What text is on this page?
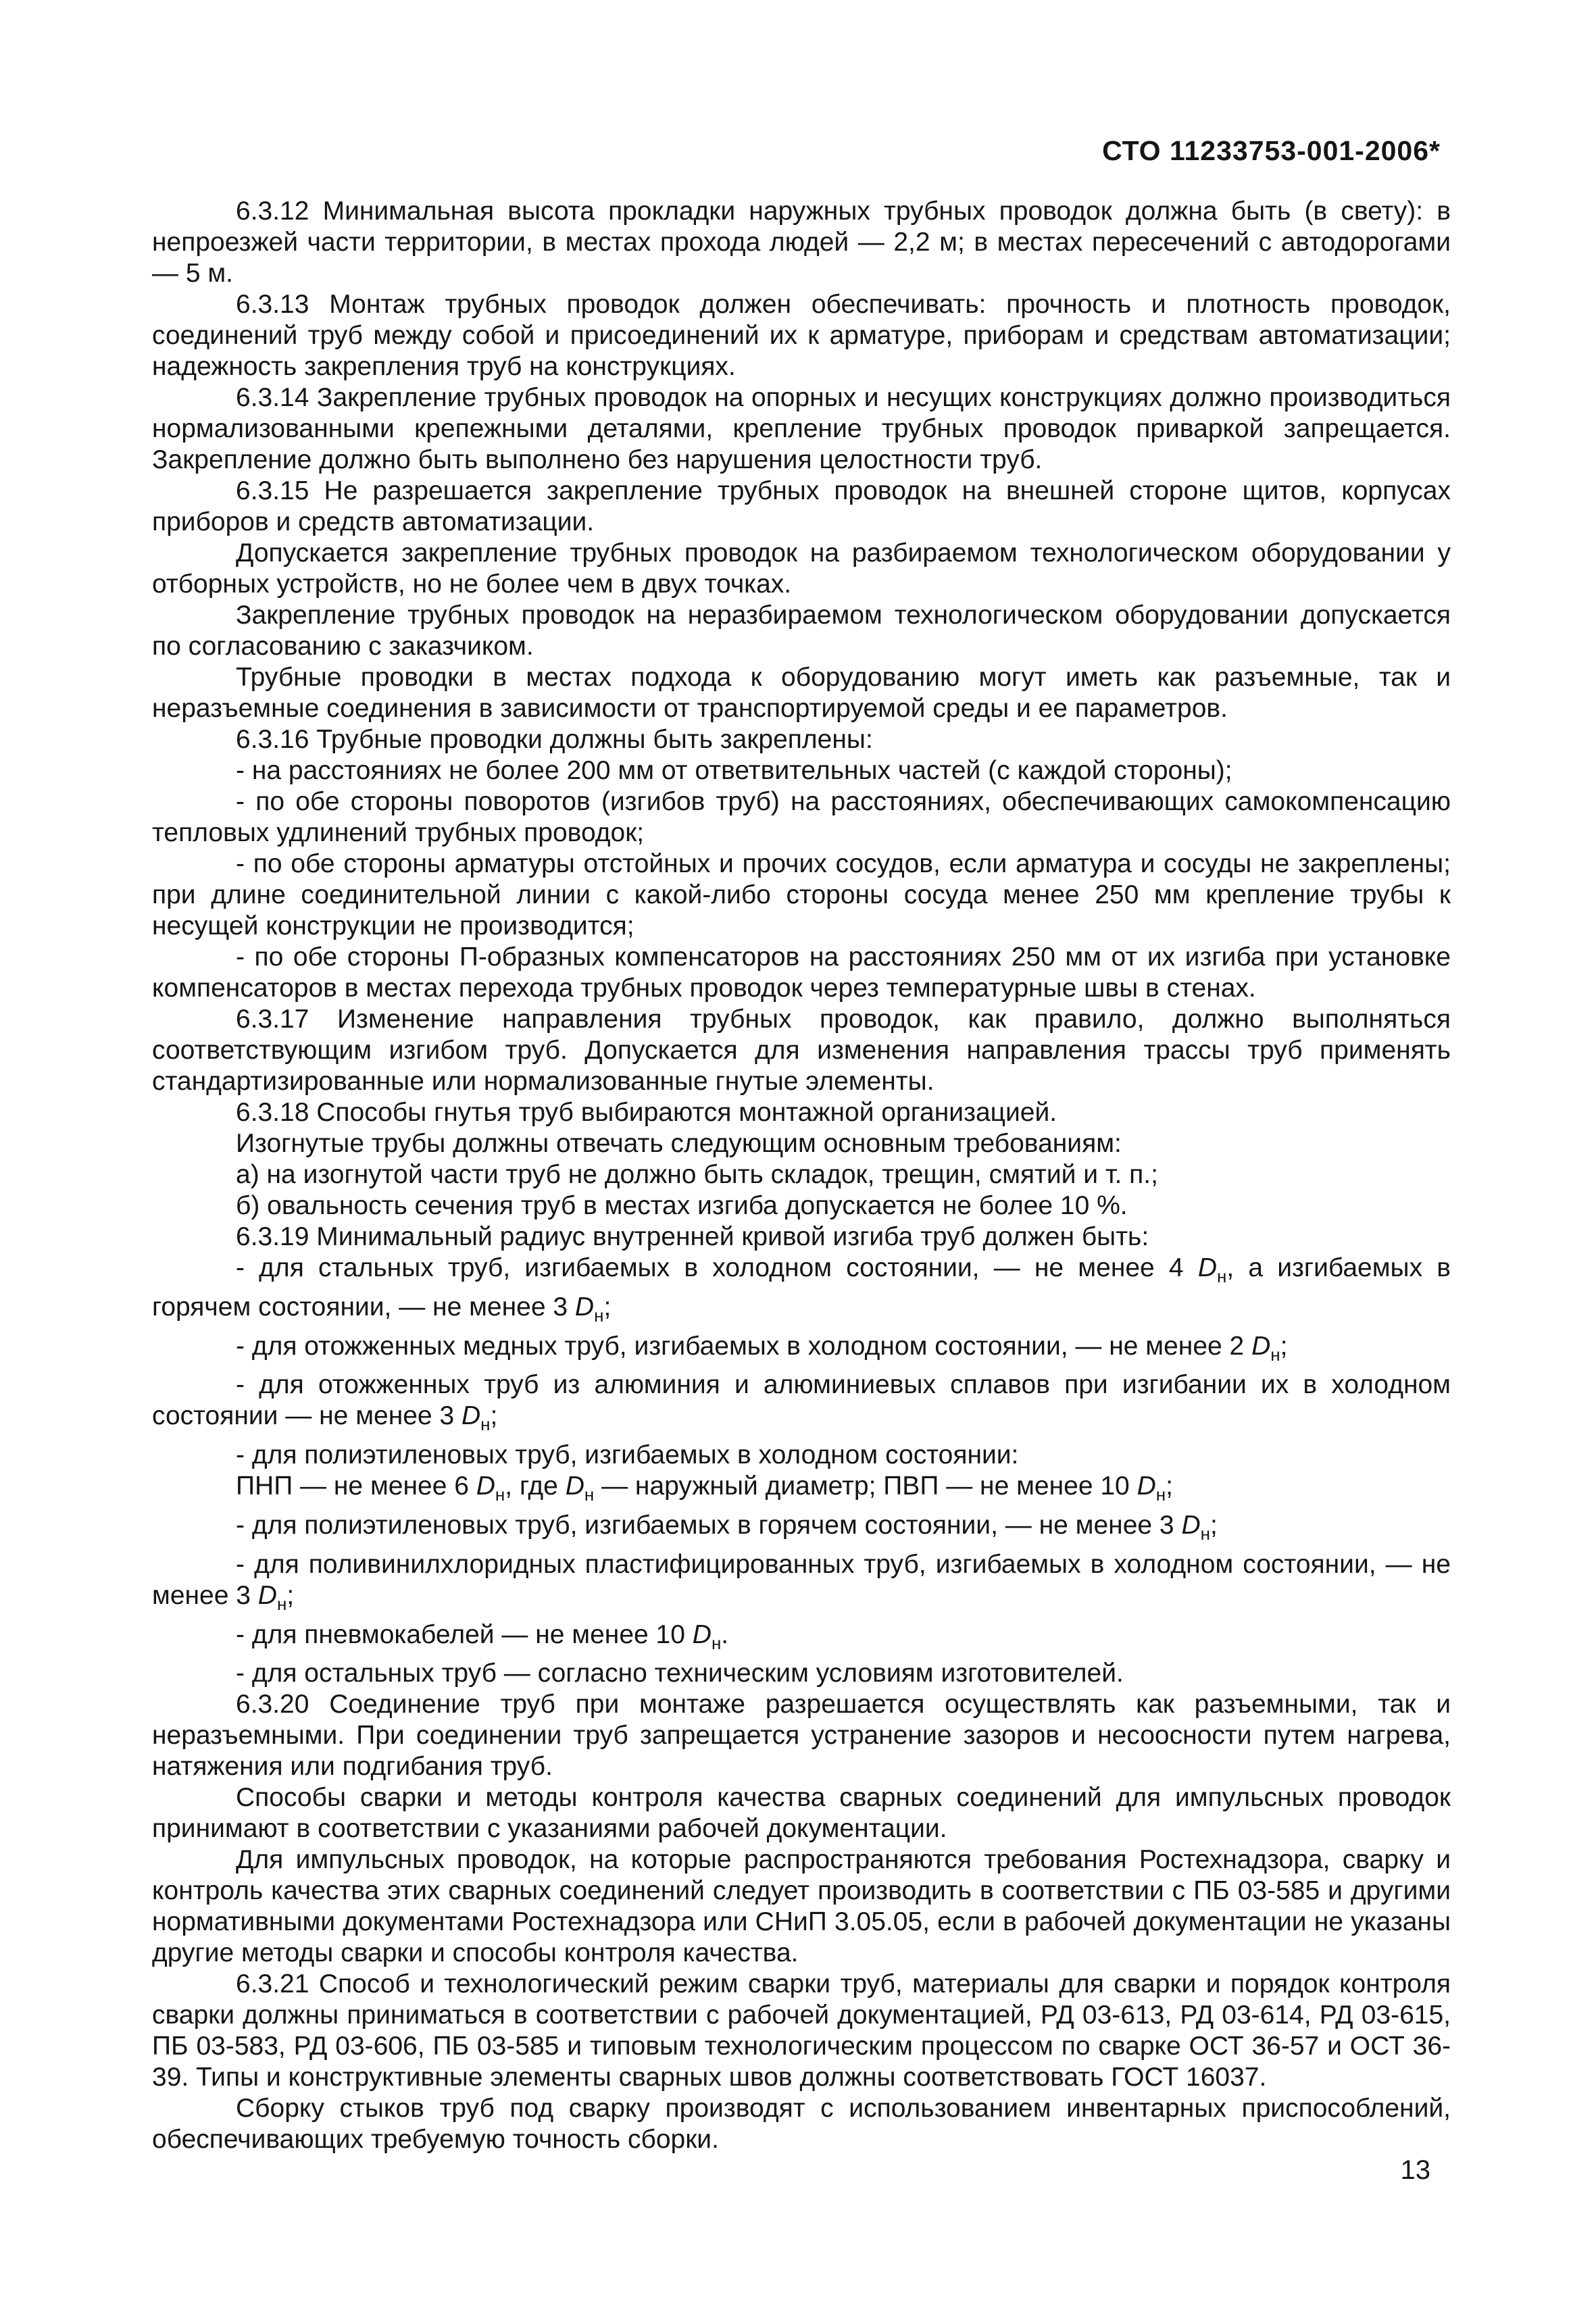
СТО 11233753-001-2006*

6.3.12 Минимальная высота прокладки наружных трубных проводок должна быть (в свету): в непроезжей части территории, в местах прохода людей — 2,2 м; в местах пересечений с автодорогами — 5 м.

6.3.13 Монтаж трубных проводок должен обеспечивать: прочность и плотность проводок, соединений труб между собой и присоединений их к арматуре, приборам и средствам автоматизации; надежность закрепления труб на конструкциях.

6.3.14 Закрепление трубных проводок на опорных и несущих конструкциях должно производиться нормализованными крепежными деталями, крепление трубных проводок приваркой запрещается. Закрепление должно быть выполнено без нарушения целостности труб.

6.3.15 Не разрешается закрепление трубных проводок на внешней стороне щитов, корпусах приборов и средств автоматизации.

Допускается закрепление трубных проводок на разбираемом технологическом оборудовании у отборных устройств, но не более чем в двух точках.

Закрепление трубных проводок на неразбираемом технологическом оборудовании допускается по согласованию с заказчиком.

Трубные проводки в местах подхода к оборудованию могут иметь как разъемные, так и неразъемные соединения в зависимости от транспортируемой среды и ее параметров.

6.3.16 Трубные проводки должны быть закреплены:

- на расстояниях не более 200 мм от ответвительных частей (с каждой стороны);

- по обе стороны поворотов (изгибов труб) на расстояниях, обеспечивающих самокомпенсацию тепловых удлинений трубных проводок;

- по обе стороны арматуры отстойных и прочих сосудов, если арматура и сосуды не закреплены; при длине соединительной линии с какой-либо стороны сосуда менее 250 мм крепление трубы к несущей конструкции не производится;

- по обе стороны П-образных компенсаторов на расстояниях 250 мм от их изгиба при установке компенсаторов в местах перехода трубных проводок через температурные швы в стенах.

6.3.17 Изменение направления трубных проводок, как правило, должно выполняться соответствующим изгибом труб. Допускается для изменения направления трассы труб применять стандартизированные или нормализованные гнутые элементы.

6.3.18 Способы гнутья труб выбираются монтажной организацией.

Изогнутые трубы должны отвечать следующим основным требованиям:

а) на изогнутой части труб не должно быть складок, трещин, смятий и т. п.;

б) овальность сечения труб в местах изгиба допускается не более 10 %.

6.3.19 Минимальный радиус внутренней кривой изгиба труб должен быть:

- для стальных труб, изгибаемых в холодном состоянии, — не менее 4 $D_н$, а изгибаемых в горячем состоянии, — не менее 3 $D_н$;

- для отожженных медных труб, изгибаемых в холодном состоянии, — не менее 2 $D_н$;

- для отожженных труб из алюминия и алюминиевых сплавов при изгибании их в холодном состоянии — не менее 3 $D_н$;

- для полиэтиленовых труб, изгибаемых в холодном состоянии:

ПНП — не менее 6 $D_н$, где $D_н$ — наружный диаметр; ПВП — не менее 10 $D_н$;

- для полиэтиленовых труб, изгибаемых в горячем состоянии, — не менее 3 $D_н$;

- для поливинилхлоридных пластифицированных труб, изгибаемых в холодном состоянии, — не менее 3 $D_н$;

- для пневмокабелей — не менее 10 $D_н$.

- для остальных труб — согласно техническим условиям изготовителей.

6.3.20 Соединение труб при монтаже разрешается осуществлять как разъемными, так и неразъемными. При соединении труб запрещается устранение зазоров и несоосности путем нагрева, натяжения или подгибания труб.

Способы сварки и методы контроля качества сварных соединений для импульсных проводок принимают в соответствии с указаниями рабочей документации.

Для импульсных проводок, на которые распространяются требования Ростехнадзора, сварку и контроль качества этих сварных соединений следует производить в соответствии с ПБ 03-585 и другими нормативными документами Ростехнадзора или СНиП 3.05.05, если в рабочей документации не указаны другие методы сварки и способы контроля качества.

6.3.21 Способ и технологический режим сварки труб, материалы для сварки и порядок контроля сварки должны приниматься в соответствии с рабочей документацией, РД 03-613, РД 03-614, РД 03-615, ПБ 03-583, РД 03-606, ПБ 03-585 и типовым технологическим процессом по сварке ОСТ 36-57 и ОСТ 36-39. Типы и конструктивные элементы сварных швов должны соответствовать ГОСТ 16037.

Сборку стыков труб под сварку производят с использованием инвентарных приспособлений, обеспечивающих требуемую точность сборки.

13
